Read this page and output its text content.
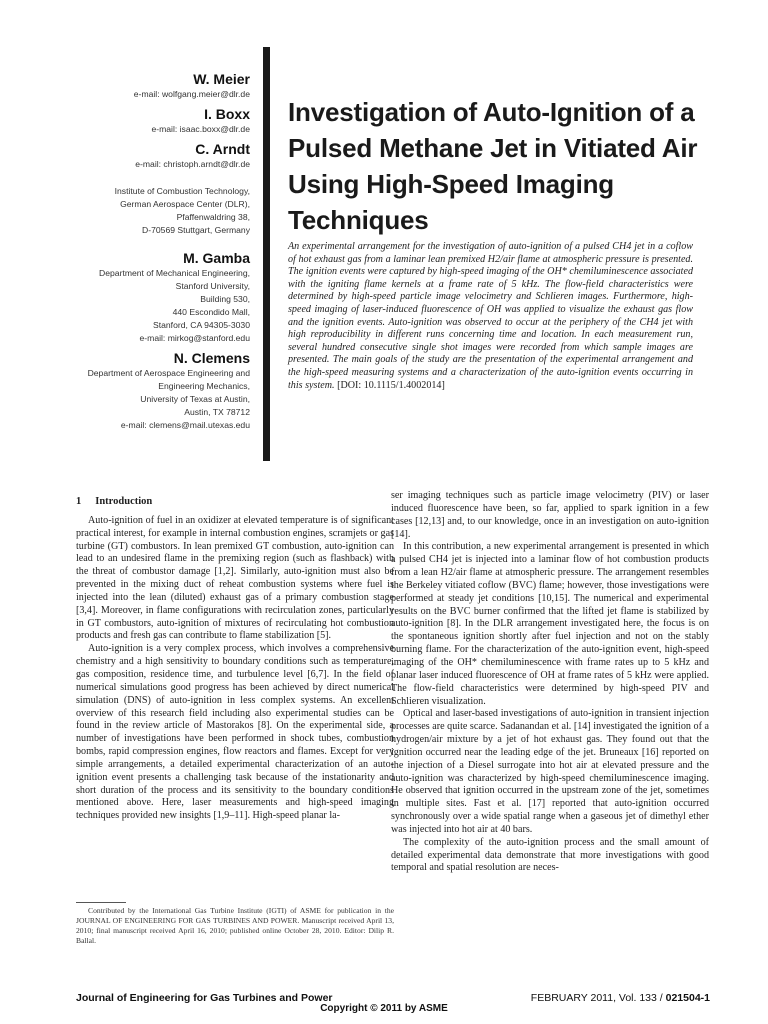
W. Meier
e-mail: wolfgang.meier@dlr.de
I. Boxx
e-mail: isaac.boxx@dlr.de
C. Arndt
e-mail: christoph.arndt@dlr.de
Institute of Combustion Technology,
German Aerospace Center (DLR),
Pfaffenwaldring 38,
D-70569 Stuttgart, Germany
M. Gamba
Department of Mechanical Engineering,
Stanford University,
Building 530,
440 Escondido Mall,
Stanford, CA 94305-3030
e-mail: mirkog@stanford.edu
N. Clemens
Department of Aerospace Engineering and
Engineering Mechanics,
University of Texas at Austin,
Austin, TX 78712
e-mail: clemens@mail.utexas.edu
Investigation of Auto-Ignition of a Pulsed Methane Jet in Vitiated Air Using High-Speed Imaging Techniques

An experimental arrangement for the investigation of auto-ignition of a pulsed CH4 jet in a coflow of hot exhaust gas from a laminar lean premixed H2/air flame at atmospheric pressure is presented. The ignition events were captured by high-speed imaging of the OH* chemiluminescence associated with the igniting flame kernels at a frame rate of 5 kHz. The flow-field characteristics were determined by high-speed particle image velocimetry and Schlieren images. Furthermore, high-speed imaging of laser-induced fluorescence of OH was applied to visualize the exhaust gas flow and the ignition events. Auto-ignition was observed to occur at the periphery of the CH4 jet with high reproducibility in different runs concerning time and location. In each measurement run, several hundred consecutive single shot images were recorded from which sample images are presented. The main goals of the study are the presentation of the experimental arrangement and the high-speed measuring systems and a characterization of the auto-ignition events occurring in this system. [DOI: 10.1115/1.4002014]

1 Introduction

Auto-ignition of fuel in an oxidizer at elevated temperature is of significant practical interest, for example in internal combustion engines, scramjets or gas turbine (GT) combustors. In lean premixed GT combustion, auto-ignition can lead to an undesired flame in the premixing region (such as flashback) with the threat of combustor damage [1,2]. Similarly, auto-ignition must also be prevented in the mixing duct of reheat combustion systems where fuel is injected into the lean (diluted) exhaust gas of a primary combustion stage [3,4]. Moreover, in flame configurations with recirculation zones, particularly in GT combustors, auto-ignition of mixtures of recirculating hot combustion products and fresh gas can contribute to flame stabilization [5].

Auto-ignition is a very complex process, which involves a comprehensive chemistry and a high sensitivity to boundary conditions such as temperature, gas composition, residence time, and turbulence level [6,7]. In the field of numerical simulations good progress has been achieved by direct numerical simulation (DNS) of auto-ignition in less complex systems. An excellent overview of this research field including also experimental studies can be found in the review article of Mastorakos [8]. On the experimental side, a number of investigations have been performed in shock tubes, combustion bombs, rapid compression engines, flow reactors and flames. Except for very simple arrangements, a detailed experimental characterization of an auto-ignition event presents a challenging task because of the instationarity and short duration of the process and its sensitivity to the boundary conditions mentioned above. Here, laser measurements and high-speed imaging techniques provided new insights [1,9–11]. High-speed planar la-

ser imaging techniques such as particle image velocimetry (PIV) or laser induced fluorescence have been, so far, applied to spark ignition in a few cases [12,13] and, to our knowledge, once in an investigation on auto-ignition [14].

In this contribution, a new experimental arrangement is presented in which a pulsed CH4 jet is injected into a laminar flow of hot combustion products from a lean H2/air flame at atmospheric pressure. The arrangement resembles the Berkeley vitiated coflow (BVC) flame; however, those investigations were performed at steady jet conditions [10,15]. The numerical and experimental results on the BVC burner confirmed that the lifted jet flame is stabilized by auto-ignition [8]. In the DLR arrangement investigated here, the focus is on the spontaneous ignition shortly after fuel injection and not on the stably burning flame. For the characterization of the auto-ignition event, high-speed imaging of the OH* chemiluminescence with frame rates up to 5 kHz and planar laser induced fluorescence of OH at frame rates of 5 kHz were applied. The flow-field characteristics were determined by high-speed PIV and Schlieren visualization.

Optical and laser-based investigations of auto-ignition in transient injection processes are quite scarce. Sadanandan et al. [14] investigated the ignition of a hydrogen/air mixture by a jet of hot exhaust gas. They found out that the ignition occurred near the leading edge of the jet. Bruneaux [16] reported on the injection of a Diesel surrogate into hot air at elevated pressure and the auto-ignition was characterized by high-speed chemiluminescence imaging. He observed that ignition occurred in the upstream zone of the jet, sometimes in multiple sites. Fast et al. [17] reported that auto-ignition occurred synchronously over a wide spatial range when a gaseous jet of dimethyl ether was injected into hot air at 40 bars.

The complexity of the auto-ignition process and the small amount of detailed experimental data demonstrate that more investigations with good temporal and spatial resolution are neces-

Contributed by the International Gas Turbine Institute (IGTI) of ASME for publication in the JOURNAL OF ENGINEERING FOR GAS TURBINES AND POWER. Manuscript received April 13, 2010; final manuscript received April 16, 2010; published online October 28, 2010. Editor: Dilip R. Ballal.

Journal of Engineering for Gas Turbines and Power	FEBRUARY 2011, Vol. 133 / 021504-1
Copyright © 2011 by ASME
